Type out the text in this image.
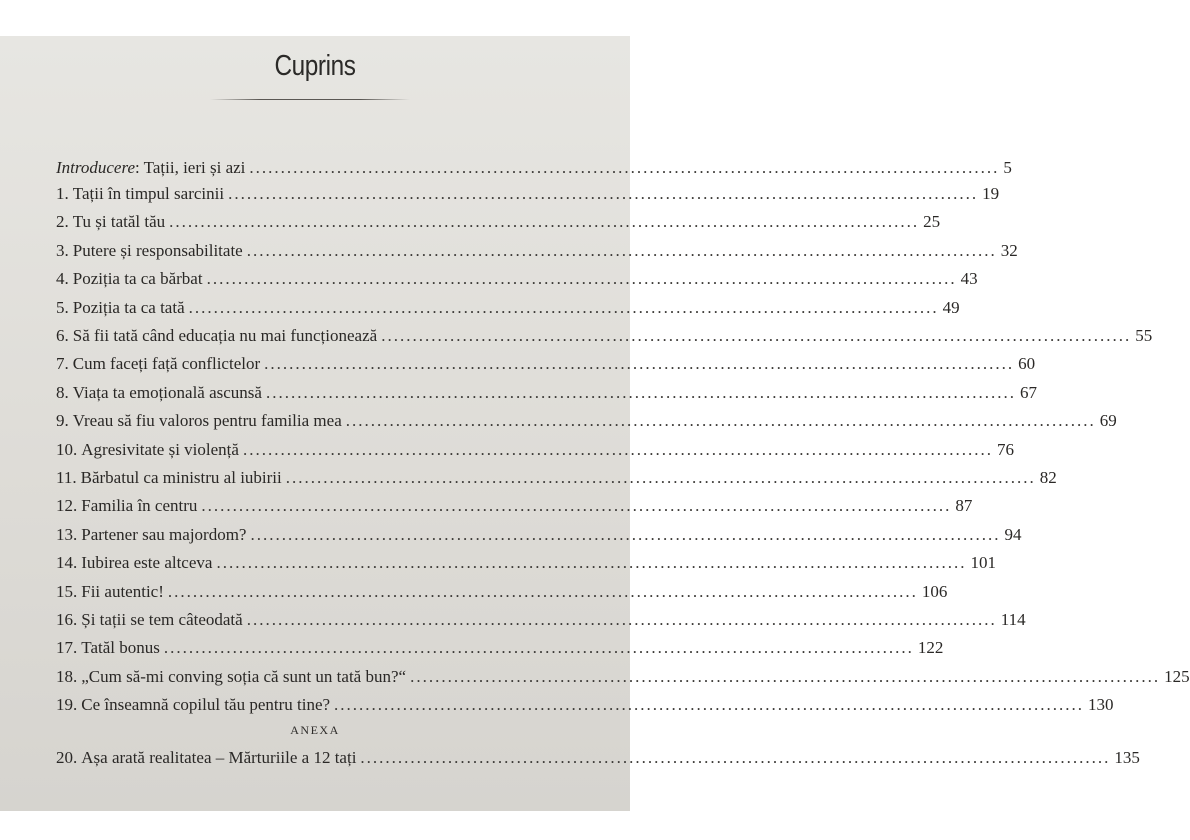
Cuprins
Introducere: Tații, ieri și azi ........................................................................................................................ 5
1. Tații în timpul sarcinii ........................................................................................................................ 19
2. Tu și tatăl tău ........................................................................................................................ 25
3. Putere și responsabilitate ........................................................................................................................ 32
4. Poziția ta ca bărbat ........................................................................................................................ 43
5. Poziția ta ca tată ........................................................................................................................ 49
6. Să fii tată când educația nu mai funcționează ........................................................................................................................ 55
7. Cum faceți față conflictelor ........................................................................................................................ 60
8. Viața ta emoțională ascunsă ........................................................................................................................ 67
9. Vreau să fiu valoros pentru familia mea ........................................................................................................................ 69
10. Agresivitate și violență ........................................................................................................................ 76
11. Bărbatul ca ministru al iubirii ........................................................................................................................ 82
12. Familia în centru ........................................................................................................................ 87
13. Partener sau majordom? ........................................................................................................................ 94
14. Iubirea este altceva ........................................................................................................................ 101
15. Fii autentic! ........................................................................................................................ 106
16. Și tații se tem câteodată ........................................................................................................................ 114
17. Tatăl bonus ........................................................................................................................ 122
18. „Cum să-mi conving soția că sunt un tată bun?“ ........................................................................................................................ 125
19. Ce înseamnă copilul tău pentru tine? ........................................................................................................................ 130
ANEXA
20. Așa arată realitatea – Mărturiile a 12 tați ........................................................................................................................ 135
